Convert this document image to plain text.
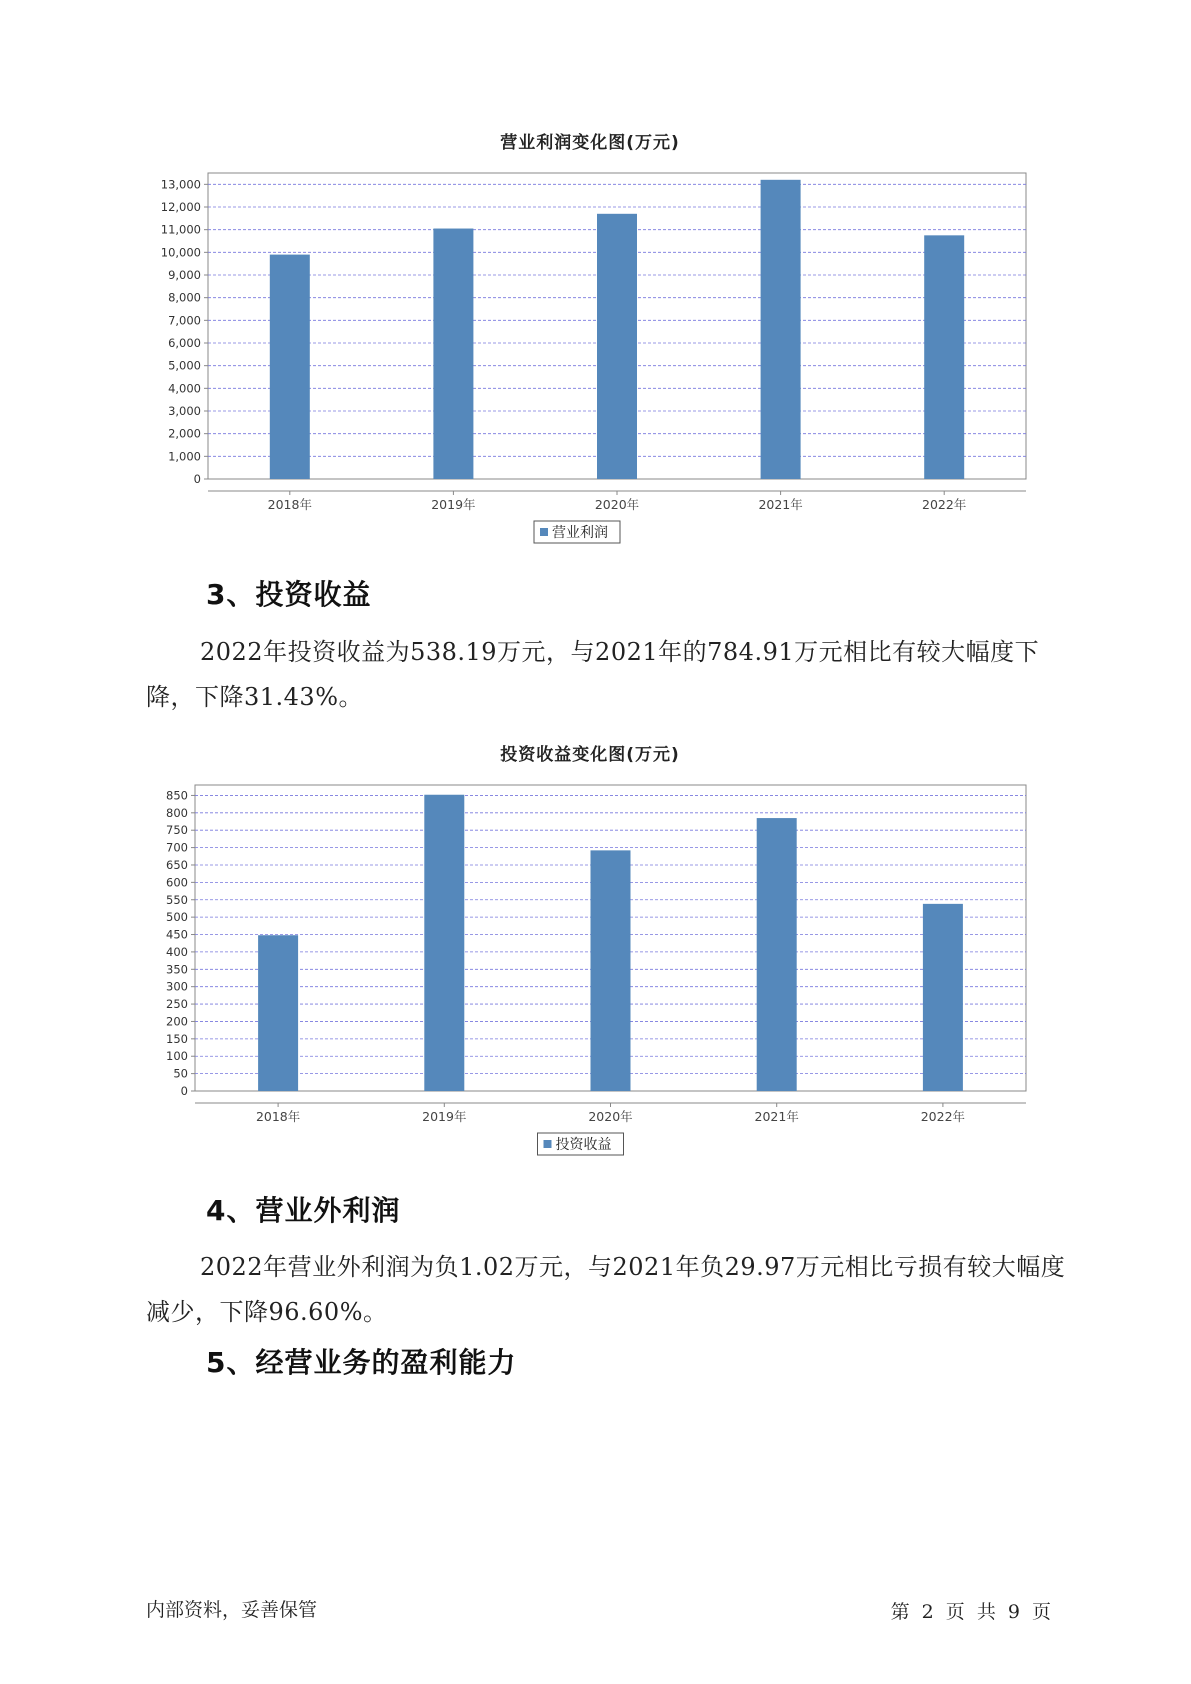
营业利润变化图(万元)
0
1,000
2,000
3,000
4,000
5,000
6,000
7,000
8,000
9,000
10,000
11,000
12,000
13,000
2018年	2019年	2020年	2021年	2022年
营业利润
3、投资收益

2022年投资收益为538.19万元，与2021年的784.91万元相比有较大幅度下降，下降31.43%。

投资收益变化图(万元)
0
50
100
150
200
250
300
350
400
450
500
550
600
650
700
750
800
850
2018年	2019年	2020年	2021年	2022年
投资收益
4、营业外利润

2022年营业外利润为负1.02万元，与2021年负29.97万元相比亏损有较大幅度减少，下降96.60%。

5、经营业务的盈利能力
内部资料，妥善保管	第 2 页 共 9 页
